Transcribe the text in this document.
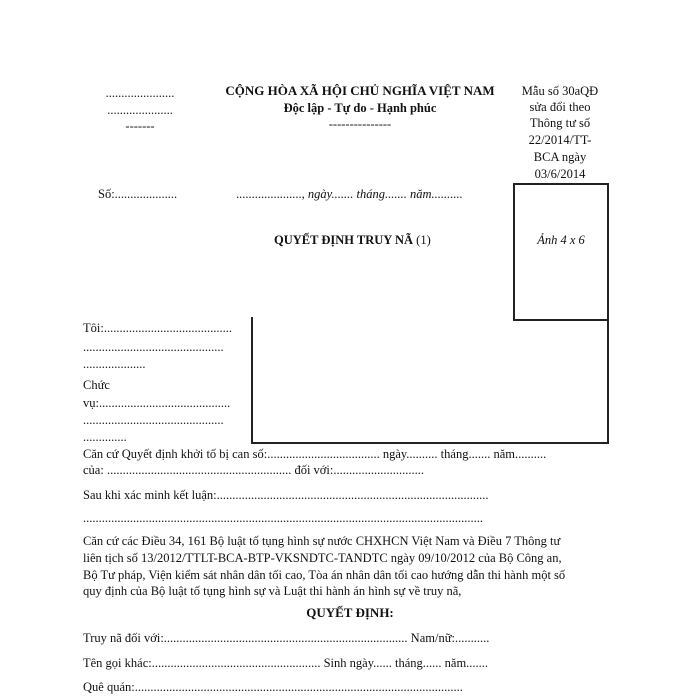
......................
.....................
-------
CỘNG HÒA XÃ HỘI CHỦ NGHĨA VIỆT NAM
Độc lập - Tự do - Hạnh phúc
---------------
Mẫu số 30aQĐ
sửa đổi theo
Thông tư số
22/2014/TT-
BCA ngày
03/6/2014
Số:....................	....................., ngày....... tháng....... năm..........
Ảnh 4 x 6
QUYẾT ĐỊNH TRUY NÃ (1)
Tôi:.........................................
.............................................
....................
Chức
vụ:..........................................
.............................................
..............
Căn cứ Quyết định khởi tố bị can số:.................................... ngày.......... tháng....... năm..........
của: ........................................................... đối với:.............................
Sau khi xác minh kết luận:.......................................................................................
................................................................................................................................
Căn cứ các Điều 34, 161 Bộ luật tố tụng hình sự nước CHXHCN Việt Nam và Điều 7 Thông tư
liên tịch số 13/2012/TTLT-BCA-BTP-VKSNDTC-TANDTC ngày 09/10/2012 của Bộ Công an,
Bộ Tư pháp, Viện kiểm sát nhân dân tối cao, Tòa án nhân dân tối cao hướng dẫn thi hành một số
quy định của Bộ luật tố tụng hình sự và Luật thi hành án hình sự về truy nã,
QUYẾT ĐỊNH:
Truy nã đối với:.............................................................................. Nam/nữ:...........
Tên gọi khác:...................................................... Sinh ngày...... tháng...... năm.......
Quê quán:.........................................................................................................
